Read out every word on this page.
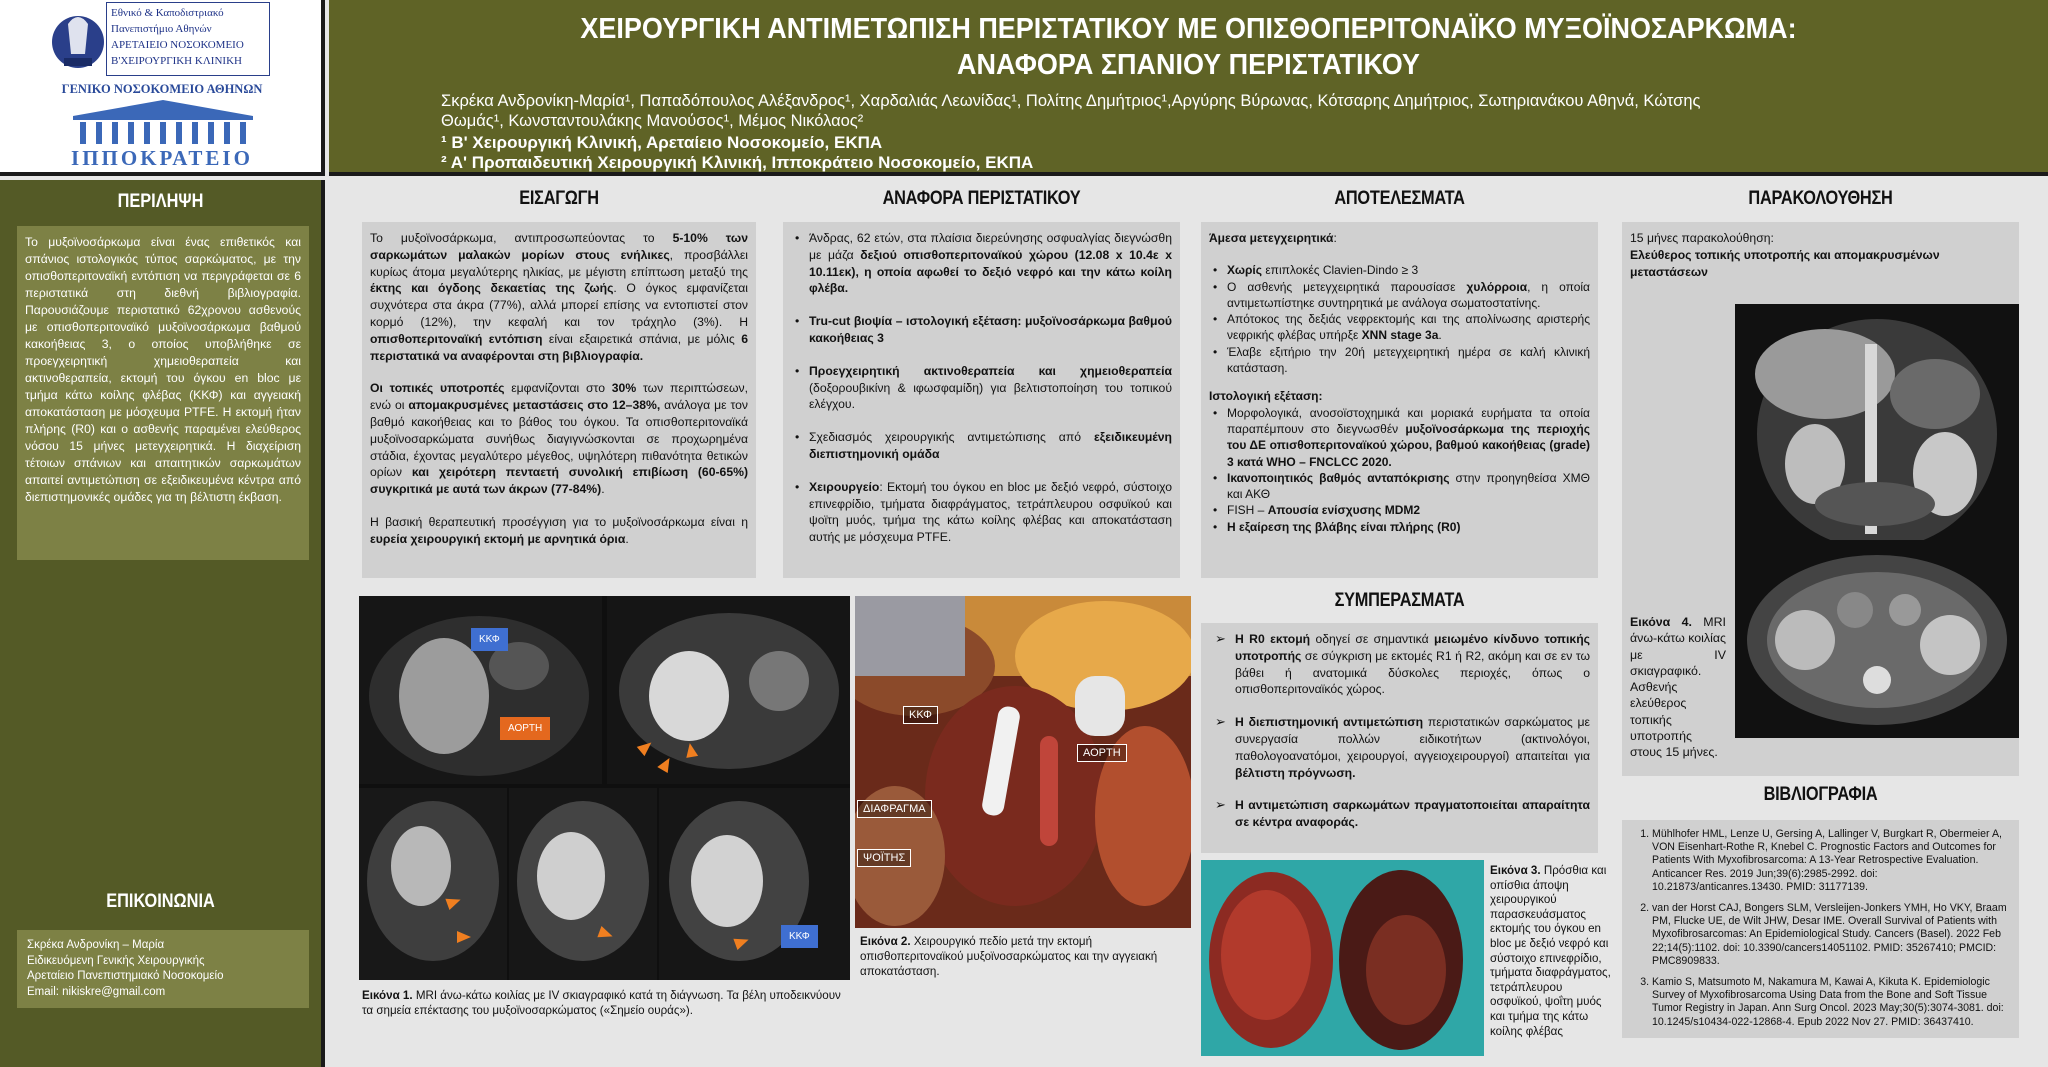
Εθνικό & Καποδιστριακό
Πανεπιστήμιο Αθηνών
ΑΡΕΤΑΙΕΙΟ ΝΟΣΟΚΟΜΕΙΟ
Β'ΧΕΙΡΟΥΡΓΙΚΗ ΚΛΙΝΙΚΗ
ΓΕΝΙΚΟ ΝΟΣΟΚΟΜΕΙΟ ΑΘΗΝΩΝ
ΙΠΠΟΚΡΑΤΕΙΟ
ΧΕΙΡΟΥΡΓΙΚΗ ΑΝΤΙΜΕΤΩΠΙΣΗ ΠΕΡΙΣΤΑΤΙΚΟΥ ΜΕ ΟΠΙΣΘΟΠΕΡΙΤΟΝΑΪΚΟ ΜΥΞΟΪΝΟΣΑΡΚΩΜΑ:
ΑΝΑΦΟΡΑ ΣΠΑΝΙΟΥ ΠΕΡΙΣΤΑΤΙΚΟΥ
Σκρέκα Ανδρονίκη-Μαρία¹, Παπαδόπουλος Αλέξανδρος¹, Χαρδαλιάς Λεωνίδας¹, Πολίτης Δημήτριος¹,Αργύρης Βύρωνας, Κότσαρης Δημήτριος, Σωτηριανάκου Αθηνά, Κώτσης
Θωμάς¹, Κωνσταντουλάκης Μανούσος¹, Μέμος Νικόλαος²
¹ Β' Χειρουργική Κλινική, Αρεταίειο Νοσοκομείο, ΕΚΠΑ
² Α' Προπαιδευτική Χειρουργική Κλινική, Ιπποκράτειο Νοσοκομείο, ΕΚΠΑ
ΠΕΡΙΛΗΨΗ
Το μυξοϊνοσάρκωμα είναι ένας επιθετικός και σπάνιος ιστολογικός τύπος σαρκώματος, με την οπισθοπεριτοναϊκή εντόπιση να περιγράφεται σε 6 περιστατικά στη διεθνή βιβλιογραφία. Παρουσιάζουμε περιστατικό 62χρονου ασθενούς με οπισθοπεριτοναϊκό μυξοϊνοσάρκωμα βαθμού κακοήθειας 3, ο οποίος υποβλήθηκε σε προεγχειρητική χημειοθεραπεία και ακτινοθεραπεία, εκτομή του όγκου en bloc με τμήμα κάτω κοίλης φλέβας (ΚΚΦ) και αγγειακή αποκατάσταση με μόσχευμα PTFE. Η εκτομή ήταν πλήρης (R0) και ο ασθενής παραμένει ελεύθερος νόσου 15 μήνες μετεγχειρητικά. Η διαχείριση τέτοιων σπάνιων και απαιτητικών σαρκωμάτων απαιτεί αντιμετώπιση σε εξειδικευμένα κέντρα από διεπιστημονικές ομάδες για τη βέλτιστη έκβαση.
ΕΠΙΚΟΙΝΩΝΙΑ
Σκρέκα Ανδρονίκη – Μαρία
Ειδικευόμενη Γενικής Χειρουργικής
Αρεταίειο Πανεπιστημιακό Νοσοκομείο
Email: nikiskre@gmail.com
ΕΙΣΑΓΩΓΗ

Το μυξοϊνοσάρκωμα, αντιπροσωπεύοντας το 5-10% των σαρκωμάτων μαλακών μορίων στους ενήλικες, προσβάλλει κυρίως άτομα μεγαλύτερης ηλικίας, με μέγιστη επίπτωση μεταξύ της έκτης και όγδοης δεκαετίας της ζωής. Ο όγκος εμφανίζεται συχνότερα στα άκρα (77%), αλλά μπορεί επίσης να εντοπιστεί στον κορμό (12%), την κεφαλή και τον τράχηλο (3%). Η οπισθοπεριτοναϊκή εντόπιση είναι εξαιρετικά σπάνια, με μόλις 6 περιστατικά να αναφέρονται στη βιβλιογραφία.

Οι τοπικές υποτροπές εμφανίζονται στο 30% των περιπτώσεων, ενώ οι απομακρυσμένες μεταστάσεις στο 12–38%, ανάλογα με τον βαθμό κακοήθειας και το βάθος του όγκου. Τα οπισθοπεριτοναϊκά μυξοϊνοσαρκώματα συνήθως διαγιγνώσκονται σε προχωρημένα στάδια, έχοντας μεγαλύτερο μέγεθος, υψηλότερη πιθανότητα θετικών ορίων και χειρότερη πενταετή συνολική επιβίωση (60-65%) συγκριτικά με αυτά των άκρων (77-84%).

Η βασική θεραπευτική προσέγγιση για το μυξοϊνοσάρκωμα είναι η ευρεία χειρουργική εκτομή με αρνητικά όρια.

ΑΝΑΦΟΡΑ ΠΕΡΙΣΤΑΤΙΚΟΥ
• Άνδρας, 62 ετών, στα πλαίσια διερεύνησης οσφυαλγίας διεγνώσθη με μάζα δεξιού οπισθοπεριτοναϊκού χώρου (12.08 x 10.4ε x 10.11εκ), η οποία αφωθεί το δεξιό νεφρό και την κάτω κοίλη φλέβα.
• Tru-cut βιοψία – ιστολογική εξέταση: μυξοϊνοσάρκωμα βαθμού κακοήθειας 3
• Προεγχειρητική ακτινοθεραπεία και χημειοθεραπεία (δοξορουβικίνη & ιφωσφαμίδη) για βελτιστοποίηση του τοπικού ελέγχου.
• Σχεδιασμός χειρουργικής αντιμετώπισης από εξειδικευμένη διεπιστημονική ομάδα
• Χειρουργείο: Εκτομή του όγκου en bloc με δεξιό νεφρό, σύστοιχο επινεφρίδιο, τμήματα διαφράγματος, τετράπλευρου οσφυϊκού και ψοϊτη μυός, τμήμα της κάτω κοίλης φλέβας και αποκατάσταση αυτής με μόσχευμα PTFE.
ΑΠΟΤΕΛΕΣΜΑΤΑ

Άμεσα μετεγχειρητικά:

• Χωρίς επιπλοκές Clavien-Dindo ≥ 3
• Ο ασθενής μετεγχειρητικά παρουσίασε χυλόρροια, η οποία αντιμετωπίστηκε συντηρητικά με ανάλογα σωματοστατίνης.
• Απότοκος της δεξιάς νεφρεκτομής και της απολίνωσης αριστερής νεφρικής φλέβας υπήρξε XNN stage 3a.
• Έλαβε εξιτήριο την 20ή μετεγχειρητική ημέρα σε καλή κλινική κατάσταση.

Ιστολογική εξέταση:

• Μορφολογικά, ανοσοϊστοχημικά και μοριακά ευρήματα τα οποία παραπέμπουν στο διεγνωσθέν μυξοϊνοσάρκωμα της περιοχής του ΔΕ οπισθοπεριτοναϊκού χώρου, βαθμού κακοήθειας (grade) 3 κατά WHO – FNCLCC 2020.
• Ικανοποιητικός βαθμός ανταπόκρισης στην προηγηθείσα ΧΜΘ και ΑΚΘ
• FISH – Απουσία ενίσχυσης MDM2
• Η εξαίρεση της βλάβης είναι πλήρης (R0)
ΠΑΡΑΚΟΛΟΥΘΗΣΗ

15 μήνες παρακολούθηση:

Ελεύθερος τοπικής υποτροπής και απομακρυσμένων μεταστάσεων

Εικόνα 4. MRI άνω-κάτω κοιλίας με IV σκιαγραφικό. Ασθενής ελεύθερος τοπικής υποτροπής στους 15 μήνες.
ΚΚΦ
ΑΟΡΤΗ
ΚΚΦ
Εικόνα 1. MRI άνω-κάτω κοιλίας με IV σκιαγραφικό κατά τη διάγνωση. Τα βέλη υποδεικνύουν τα σημεία επέκτασης του μυξοϊνοσαρκώματος («Σημείο ουράς»).
ΚΚΦ
ΑΟΡΤΗ
ΔΙΑΦΡΑΓΜΑ
ΨΟΪΤΗΣ
Εικόνα 2. Χειρουργικό πεδίο μετά την εκτομή οπισθοπεριτοναϊκού μυξοϊνοσαρκώματος και την αγγειακή αποκατάσταση.
ΣΥΜΠΕΡΑΣΜΑΤΑ
➢ Η R0 εκτομή οδηγεί σε σημαντικά μειωμένο κίνδυνο τοπικής υποτροπής σε σύγκριση με εκτομές R1 ή R2, ακόμη και σε εν τω βάθει ή ανατομικά δύσκολες περιοχές, όπως ο οπισθοπεριτοναϊκός χώρος.
➢ Η διεπιστημονική αντιμετώπιση περιστατικών σαρκώματος με συνεργασία πολλών ειδικοτήτων (ακτινολόγοι, παθολογοανατόμοι, χειρουργοί, αγγειοχειρουργοί) απαιτείται για βέλτιστη πρόγνωση.
➢ Η αντιμετώπιση σαρκωμάτων πραγματοποιείται απαραίτητα σε κέντρα αναφοράς.
Εικόνα 3. Πρόσθια και οπίσθια άποψη χειρουργικού παρασκευάσματος εκτομής του όγκου en bloc με δεξιό νεφρό και σύστοιχο επινεφρίδιο, τμήματα διαφράγματος, τετράπλευρου οσφυϊκού, ψοΐτη μυός και τμήμα της κάτω κοίλης φλέβας
ΒΙΒΛΙΟΓΡΑΦΙΑ
1. Mühlhofer HML, Lenze U, Gersing A, Lallinger V, Burgkart R, Obermeier A, VON Eisenhart-Rothe R, Knebel C. Prognostic Factors and Outcomes for Patients With Myxofibrosarcoma: A 13-Year Retrospective Evaluation. Anticancer Res. 2019 Jun;39(6):2985-2992. doi: 10.21873/anticanres.13430. PMID: 31177139.
2. van der Horst CAJ, Bongers SLM, Versleijen-Jonkers YMH, Ho VKY, Braam PM, Flucke UE, de Wilt JHW, Desar IME. Overall Survival of Patients with Myxofibrosarcomas: An Epidemiological Study. Cancers (Basel). 2022 Feb 22;14(5):1102. doi: 10.3390/cancers14051102. PMID: 35267410; PMCID: PMC8909833.
3. Kamio S, Matsumoto M, Nakamura M, Kawai A, Kikuta K. Epidemiologic Survey of Myxofibrosarcoma Using Data from the Bone and Soft Tissue Tumor Registry in Japan. Ann Surg Oncol. 2023 May;30(5):3074-3081. doi: 10.1245/s10434-022-12868-4. Epub 2022 Nov 27. PMID: 36437410.
